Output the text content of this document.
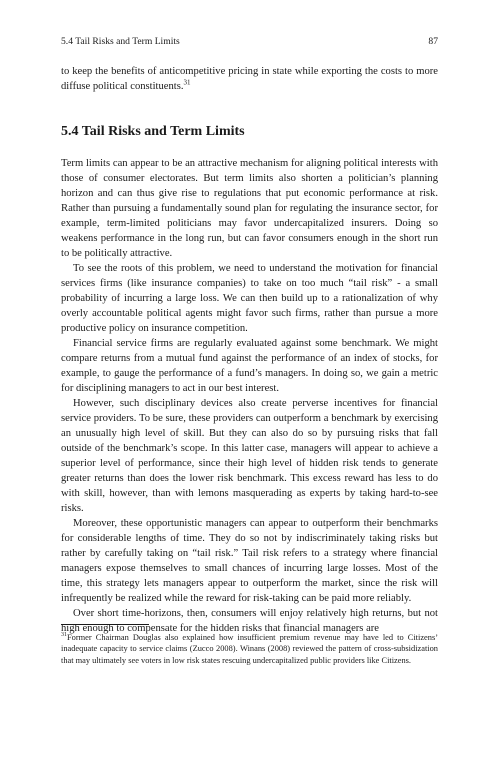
5.4 Tail Risks and Term Limits	87

to keep the benefits of anticompetitive pricing in state while exporting the costs to more diffuse political constituents.$^{31}$

5.4 Tail Risks and Term Limits

Term limits can appear to be an attractive mechanism for aligning political interests with those of consumer electorates. But term limits also shorten a politician’s planning horizon and can thus give rise to regulations that put economic performance at risk. Rather than pursuing a fundamentally sound plan for regulating the insurance sector, for example, term-limited politicians may favor undercapitalized insurers. Doing so weakens performance in the long run, but can favor consumers enough in the short run to be politically attractive.

To see the roots of this problem, we need to understand the motivation for financial services firms (like insurance companies) to take on too much “tail risk” - a small probability of incurring a large loss. We can then build up to a rationalization of why overly accountable political agents might favor such firms, rather than pursue a more productive policy on insurance competition.

Financial service firms are regularly evaluated against some benchmark. We might compare returns from a mutual fund against the performance of an index of stocks, for example, to gauge the performance of a fund’s managers. In doing so, we gain a metric for disciplining managers to act in our best interest.

However, such disciplinary devices also create perverse incentives for financial service providers. To be sure, these providers can outperform a benchmark by exercising an unusually high level of skill. But they can also do so by pursuing risks that fall outside of the benchmark’s scope. In this latter case, managers will appear to achieve a superior level of performance, since their high level of hidden risk tends to generate greater returns than does the lower risk benchmark. This excess reward has less to do with skill, however, than with lemons masquerading as experts by taking hard-to-see risks.

Moreover, these opportunistic managers can appear to outperform their benchmarks for considerable lengths of time. They do so not by indiscriminately taking risks but rather by carefully taking on “tail risk.” Tail risk refers to a strategy where financial managers expose themselves to small chances of incurring large losses. Most of the time, this strategy lets managers appear to outperform the market, since the risk will infrequently be realized while the reward for risk-taking can be paid more reliably.

Over short time-horizons, then, consumers will enjoy relatively high returns, but not high enough to compensate for the hidden risks that financial managers are

$^{31}$Former Chairman Douglas also explained how insufficient premium revenue may have led to Citizens’ inadequate capacity to service claims (Zucco 2008). Winans (2008) reviewed the pattern of cross-subsidization that may ultimately see voters in low risk states rescuing undercapitalized public providers like Citizens.
